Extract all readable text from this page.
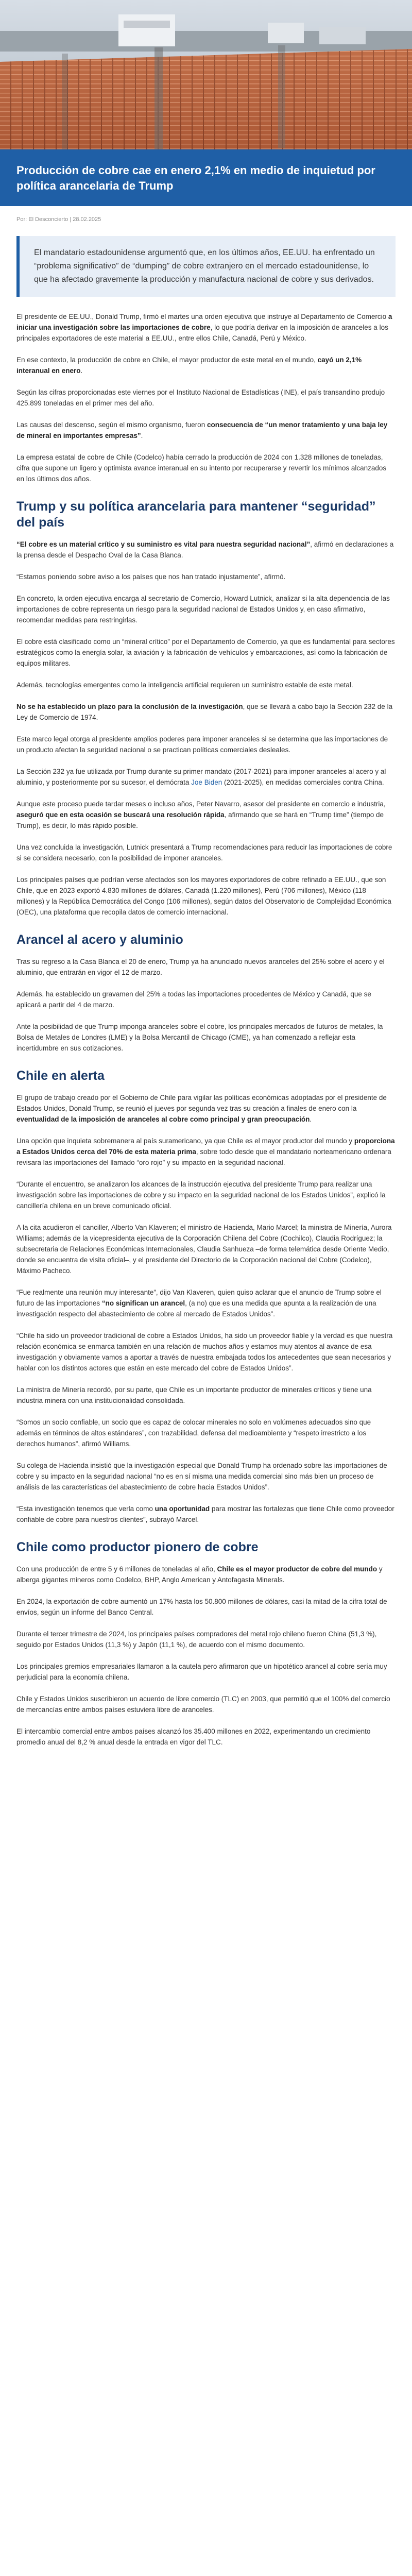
Producción de cobre cae en enero 2,1% en medio de inquietud por política arancelaria de Trump
Por: El Desconcierto | 28.02.2025
El mandatario estadounidense argumentó que, en los últimos años, EE.UU. ha enfrentado un “problema significativo” de “dumping” de cobre extranjero en el mercado estadounidense, lo que ha afectado gravemente la producción y manufactura nacional de cobre y sus derivados.

El presidente de EE.UU., Donald Trump, firmó el martes una orden ejecutiva que instruye al Departamento de Comercio a iniciar una investigación sobre las importaciones de cobre, lo que podría derivar en la imposición de aranceles a los principales exportadores de este material a EE.UU., entre ellos Chile, Canadá, Perú y México.

En ese contexto, la producción de cobre en Chile, el mayor productor de este metal en el mundo, cayó un 2,1% interanual en enero.

Según las cifras proporcionadas este viernes por el Instituto Nacional de Estadísticas (INE), el país transandino produjo 425.899 toneladas en el primer mes del año.

Las causas del descenso, según el mismo organismo, fueron consecuencia de “un menor tratamiento y una baja ley de mineral en importantes empresas”.

La empresa estatal de cobre de Chile (Codelco) había cerrado la producción de 2024 con 1.328 millones de toneladas, cifra que supone un ligero y optimista avance interanual en su intento por recuperarse y revertir los mínimos alcanzados en los últimos dos años.

Trump y su política arancelaria para mantener “seguridad” del país

“El cobre es un material crítico y su suministro es vital para nuestra seguridad nacional”, afirmó en declaraciones a la prensa desde el Despacho Oval de la Casa Blanca.

“Estamos poniendo sobre aviso a los países que nos han tratado injustamente”, afirmó.

En concreto, la orden ejecutiva encarga al secretario de Comercio, Howard Lutnick, analizar si la alta dependencia de las importaciones de cobre representa un riesgo para la seguridad nacional de Estados Unidos y, en caso afirmativo, recomendar medidas para restringirlas.

El cobre está clasificado como un “mineral crítico” por el Departamento de Comercio, ya que es fundamental para sectores estratégicos como la energía solar, la aviación y la fabricación de vehículos y embarcaciones, así como la fabricación de equipos militares.

Además, tecnologías emergentes como la inteligencia artificial requieren un suministro estable de este metal.

No se ha establecido un plazo para la conclusión de la investigación, que se llevará a cabo bajo la Sección 232 de la Ley de Comercio de 1974.

Este marco legal otorga al presidente amplios poderes para imponer aranceles si se determina que las importaciones de un producto afectan la seguridad nacional o se practican políticas comerciales desleales.

La Sección 232 ya fue utilizada por Trump durante su primer mandato (2017-2021) para imponer aranceles al acero y al aluminio, y posteriormente por su sucesor, el demócrata Joe Biden (2021-2025), en medidas comerciales contra China.

Aunque este proceso puede tardar meses o incluso años, Peter Navarro, asesor del presidente en comercio e industria, aseguró que en esta ocasión se buscará una resolución rápida, afirmando que se hará en “Trump time” (tiempo de Trump), es decir, lo más rápido posible.

Una vez concluida la investigación, Lutnick presentará a Trump recomendaciones para reducir las importaciones de cobre si se considera necesario, con la posibilidad de imponer aranceles.

Los principales países que podrían verse afectados son los mayores exportadores de cobre refinado a EE.UU., que son Chile, que en 2023 exportó 4.830 millones de dólares, Canadá (1.220 millones), Perú (706 millones), México (118 millones) y la República Democrática del Congo (106 millones), según datos del Observatorio de Complejidad Económica (OEC), una plataforma que recopila datos de comercio internacional.

Arancel al acero y aluminio

Tras su regreso a la Casa Blanca el 20 de enero, Trump ya ha anunciado nuevos aranceles del 25% sobre el acero y el aluminio, que entrarán en vigor el 12 de marzo.

Además, ha establecido un gravamen del 25% a todas las importaciones procedentes de México y Canadá, que se aplicará a partir del 4 de marzo.

Ante la posibilidad de que Trump imponga aranceles sobre el cobre, los principales mercados de futuros de metales, la Bolsa de Metales de Londres (LME) y la Bolsa Mercantil de Chicago (CME), ya han comenzado a reflejar esta incertidumbre en sus cotizaciones.

Chile en alerta

El grupo de trabajo creado por el Gobierno de Chile para vigilar las políticas económicas adoptadas por el presidente de Estados Unidos, Donald Trump, se reunió el jueves por segunda vez tras su creación a finales de enero con la eventualidad de la imposición de aranceles al cobre como principal y gran preocupación.

Una opción que inquieta sobremanera al país suramericano, ya que Chile es el mayor productor del mundo y proporciona a Estados Unidos cerca del 70% de esta materia prima, sobre todo desde que el mandatario norteamericano ordenara revisara las importaciones del llamado “oro rojo” y su impacto en la seguridad nacional.

“Durante el encuentro, se analizaron los alcances de la instrucción ejecutiva del presidente Trump para realizar una investigación sobre las importaciones de cobre y su impacto en la seguridad nacional de los Estados Unidos”, explicó la cancillería chilena en un breve comunicado oficial.

A la cita acudieron el canciller, Alberto Van Klaveren; el ministro de Hacienda, Mario Marcel; la ministra de Minería, Aurora Williams; además de la vicepresidenta ejecutiva de la Corporación Chilena del Cobre (Cochilco), Claudia Rodríguez; la subsecretaria de Relaciones Económicas Internacionales, Claudia Sanhueza –de forma telemática desde Oriente Medio, donde se encuentra de visita oficial–, y el presidente del Directorio de la Corporación nacional del Cobre (Codelco), Máximo Pacheco.

“Fue realmente una reunión muy interesante”, dijo Van Klaveren, quien quiso aclarar que el anuncio de Trump sobre el futuro de las importaciones “no significan un arancel, (a no) que es una medida que apunta a la realización de una investigación respecto del abastecimiento de cobre al mercado de Estados Unidos”.

“Chile ha sido un proveedor tradicional de cobre a Estados Unidos, ha sido un proveedor fiable y la verdad es que nuestra relación económica se enmarca también en una relación de muchos años y estamos muy atentos al avance de esa investigación y obviamente vamos a aportar a través de nuestra embajada todos los antecedentes que sean necesarios y hablar con los distintos actores que están en este mercado del cobre de Estados Unidos”.

La ministra de Minería recordó, por su parte, que Chile es un importante productor de minerales críticos y tiene una industria minera con una institucionalidad consolidada.

“Somos un socio confiable, un socio que es capaz de colocar minerales no solo en volúmenes adecuados sino que además en términos de altos estándares”, con trazabilidad, defensa del medioambiente y “respeto irrestricto a los derechos humanos”, afirmó Williams.

Su colega de Hacienda insistió que la investigación especial que Donald Trump ha ordenado sobre las importaciones de cobre y su impacto en la seguridad nacional “no es en sí misma una medida comercial sino más bien un proceso de análisis de las características del abastecimiento de cobre hacia Estados Unidos”.

“Esta investigación tenemos que verla como una oportunidad para mostrar las fortalezas que tiene Chile como proveedor confiable de cobre para nuestros clientes”, subrayó Marcel.

Chile como productor pionero de cobre

Con una producción de entre 5 y 6 millones de toneladas al año, Chile es el mayor productor de cobre del mundo y alberga gigantes mineros como Codelco, BHP, Anglo American y Antofagasta Minerals.

En 2024, la exportación de cobre aumentó un 17% hasta los 50.800 millones de dólares, casi la mitad de la cifra total de envíos, según un informe del Banco Central.

Durante el tercer trimestre de 2024, los principales países compradores del metal rojo chileno fueron China (51,3 %), seguido por Estados Unidos (11,3 %) y Japón (11,1 %), de acuerdo con el mismo documento.

Los principales gremios empresariales llamaron a la cautela pero afirmaron que un hipotético arancel al cobre sería muy perjudicial para la economía chilena.

Chile y Estados Unidos suscribieron un acuerdo de libre comercio (TLC) en 2003, que permitió que el 100% del comercio de mercancías entre ambos países estuviera libre de aranceles.

El intercambio comercial entre ambos países alcanzó los 35.400 millones en 2022, experimentando un crecimiento promedio anual del 8,2 % anual desde la entrada en vigor del TLC.
